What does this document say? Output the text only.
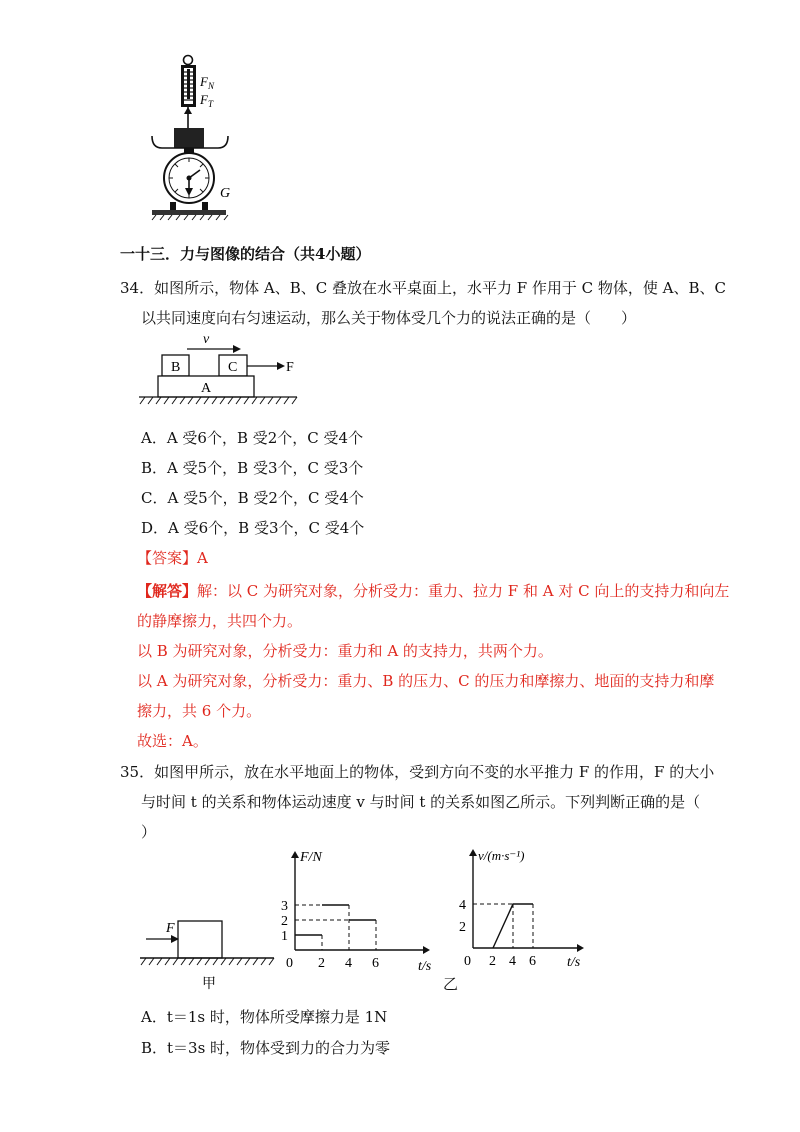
$F_N$
$F_T$
G
一十三．力与图像的结合（共4小题）
34．如图所示，物体 A、B、C 叠放在水平桌面上，水平力 F 作用于 C 物体，使 A、B、C
以共同速度向右匀速运动，那么关于物体受几个力的说法正确的是（　　）
v
B	C	F
A
A．A 受6个，B 受2个，C 受4个
B．A 受5个，B 受3个，C 受3个
C．A 受5个，B 受2个，C 受4个
D．A 受6个，B 受3个，C 受4个
【答案】A
【解答】解：以 C 为研究对象，分析受力：重力、拉力 F 和 A 对 C 向上的支持力和向左
的静摩擦力，共四个力。
以 B 为研究对象，分析受力：重力和 A 的支持力，共两个力。
以 A 为研究对象，分析受力：重力、B 的压力、C 的压力和摩擦力、地面的支持力和摩
擦力，共 6 个力。
故选：A。
35．如图甲所示，放在水平地面上的物体，受到方向不变的水平推力 F 的作用，F 的大小
与时间 t 的关系和物体运动速度 v 与时间 t 的关系如图乙所示。下列判断正确的是（
）
F
甲
0 2 4 6
1
2
3
F/N
t/s 0 2 4 6
2
4
v/(m·s⁻¹)
t/s
乙
A．t＝1s 时，物体所受摩擦力是 1N
B．t＝3s 时，物体受到力的合力为零
